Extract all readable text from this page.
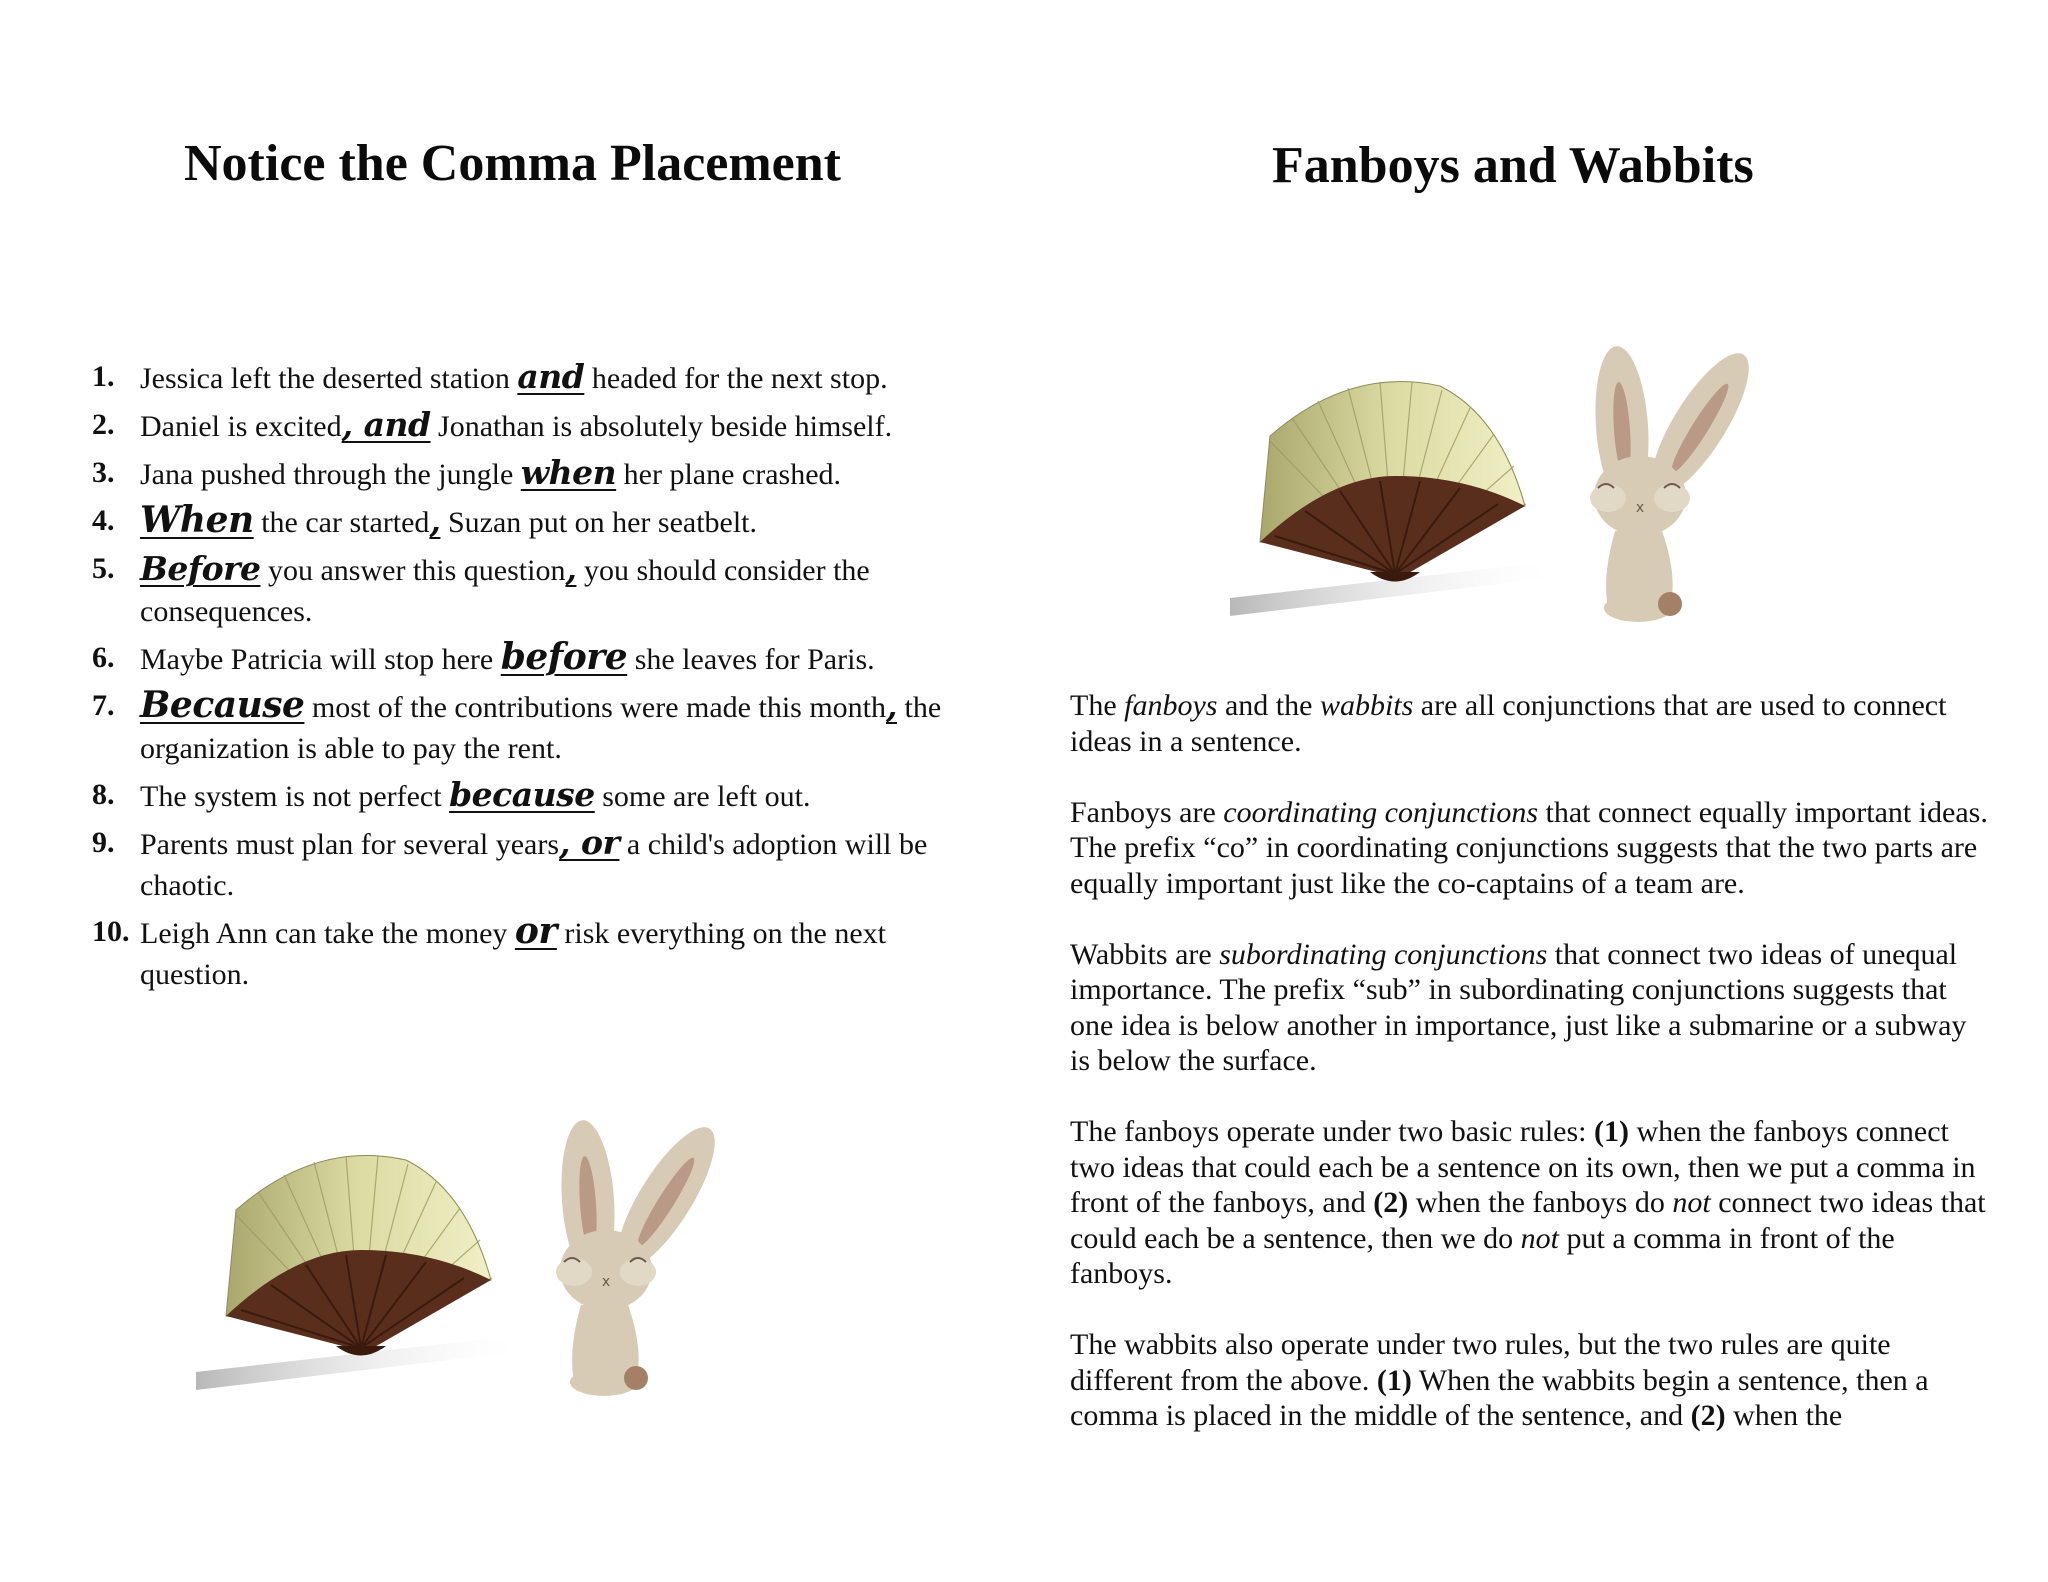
Notice the Comma Placement
1. Jessica left the deserted station and headed for the next stop.
2. Daniel is excited, and Jonathan is absolutely beside himself.
3. Jana pushed through the jungle when her plane crashed.
4. When the car started, Suzan put on her seatbelt.
5. Before you answer this question, you should consider the consequences.
6. Maybe Patricia will stop here before she leaves for Paris.
7. Because most of the contributions were made this month, the organization is able to pay the rent.
8. The system is not perfect because some are left out.
9. Parents must plan for several years, or a child's adoption will be chaotic.
10. Leigh Ann can take the money or risk everything on the next question.
Fanboys and Wabbits

The fanboys and the wabbits are all conjunctions that are used to connect ideas in a sentence.

Fanboys are coordinating conjunctions that connect equally important ideas. The prefix “co” in coordinating conjunctions suggests that the two parts are equally important just like the co-captains of a team are.

Wabbits are subordinating conjunctions that connect two ideas of unequal importance. The prefix “sub” in subordinating conjunctions suggests that one idea is below another in importance, just like a submarine or a subway is below the surface.

The fanboys operate under two basic rules: (1) when the fanboys connect two ideas that could each be a sentence on its own, then we put a comma in front of the fanboys, and (2) when the fanboys do not connect two ideas that could each be a sentence, then we do not put a comma in front of the fanboys.

The wabbits also operate under two rules, but the two rules are quite different from the above. (1) When the wabbits begin a sentence, then a comma is placed in the middle of the sentence, and (2) when the
